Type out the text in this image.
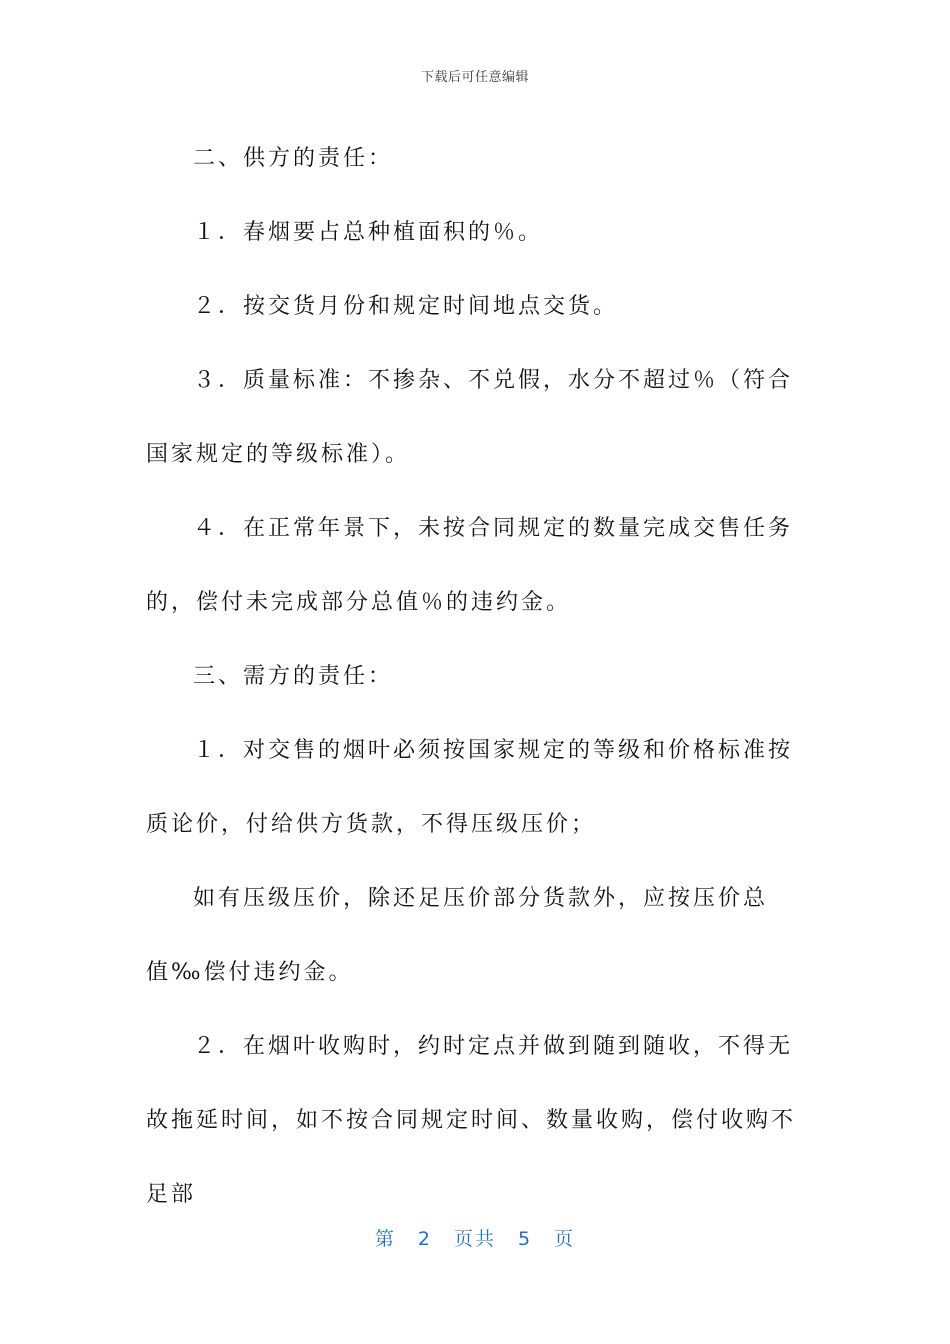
下载后可任意编辑

二、供方的责任：

１．春烟要占总种植面积的％。

２．按交货月份和规定时间地点交货。

３．质量标准：不掺杂、不兑假，水分不超过％（符合国家规定的等级标准）。

４．在正常年景下，未按合同规定的数量完成交售任务的，偿付未完成部分总值％的违约金。

三、需方的责任：

１．对交售的烟叶必须按国家规定的等级和价格标准按质论价，付给供方货款，不得压级压价；

如有压级压价，除还足压价部分货款外，应按压价总值‰偿付违约金。

２．在烟叶收购时，约时定点并做到随到随收，不得无故拖延时间，如不按合同规定时间、数量收购，偿付收购不足部

第 2 页共 5 页
